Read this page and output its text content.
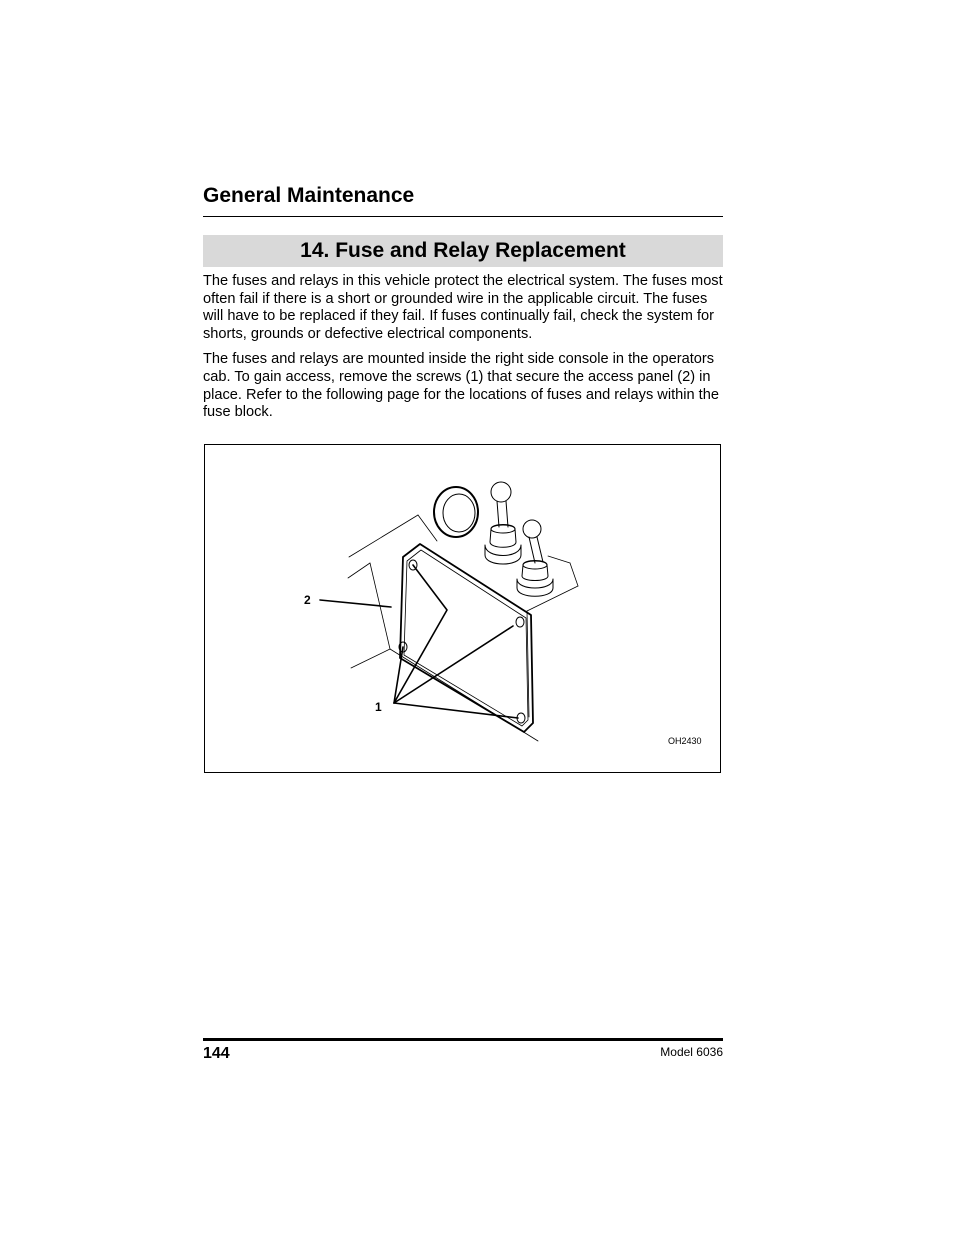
General Maintenance
14. Fuse and Relay Replacement

The fuses and relays in this vehicle protect the electrical system. The fuses most often fail if there is a short or grounded wire in the applicable circuit. The fuses will have to be replaced if they fail. If fuses continually fail, check the system for shorts, grounds or defective electrical components.

The fuses and relays are mounted inside the right side console in the operators cab. To gain access, remove the screws (1) that secure the access panel (2) in place. Refer to the following page for the locations of fuses and relays within the fuse block.

2
1
OH2430
144	Model 6036
